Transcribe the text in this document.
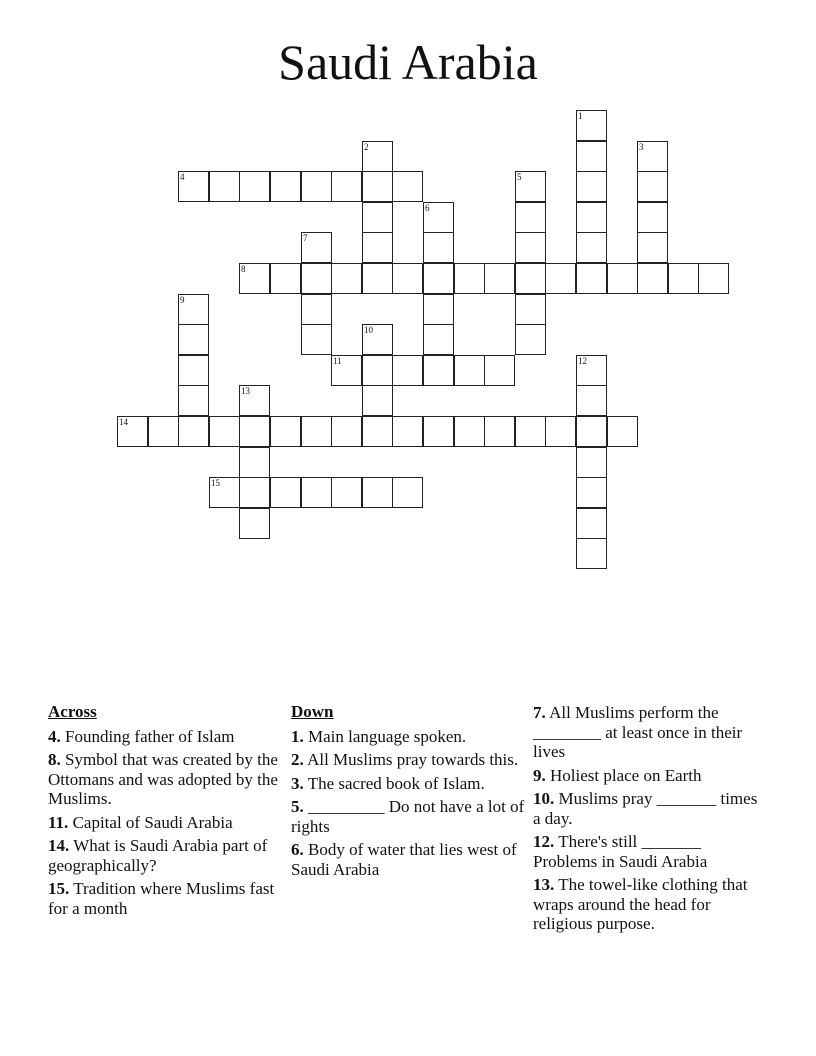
Saudi Arabia
1
2	3
4	5
6
7
8
9
10
11	12
13
14
15
Across
4. Founding father of Islam
8. Symbol that was created by the Ottomans and was adopted by the Muslims.
11. Capital of Saudi Arabia
14. What is Saudi Arabia part of geographically?
15. Tradition where Muslims fast for a month
Down
1. Main language spoken.
2. All Muslims pray towards this.
3. The sacred book of Islam.
5. _________ Do not have a lot of rights
6. Body of water that lies west of Saudi Arabia
7. All Muslims perform the ________ at least once in their lives
9. Holiest place on Earth
10. Muslims pray _______ times a day.
12. There's still _______ Problems in Saudi Arabia
13. The towel-like clothing that wraps around the head for religious purpose.
